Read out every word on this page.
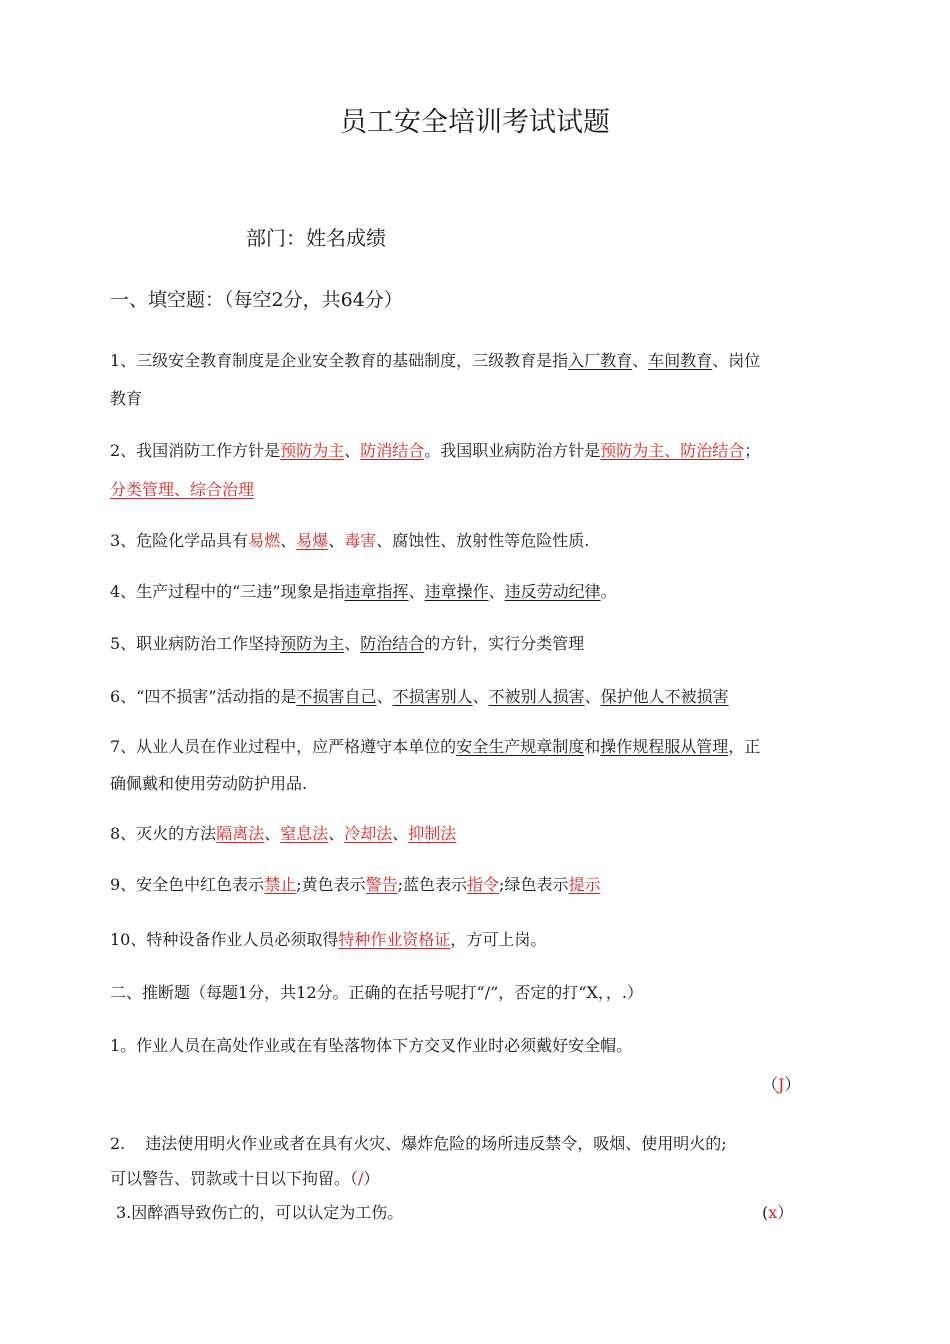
员工安全培训考试试题
部门：姓名成绩
一、填空题：（每空2分，共64分）
1、三级安全教育制度是企业安全教育的基础制度，三级教育是指入厂教育、车间教育、岗位
教育
2、我国消防工作方针是预防为主、防消结合。我国职业病防治方针是预防为主、防治结合；
分类管理、综合治理
3、危险化学品具有易燃、易爆、毒害、腐蚀性、放射性等危险性质.
4、生产过程中的“三违”现象是指违章指挥、违章操作、违反劳动纪律。
5、职业病防治工作坚持预防为主、防治结合的方针，实行分类管理
6、“四不损害”活动指的是不损害自己、不损害别人、不被别人损害、保护他人不被损害
7、从业人员在作业过程中，应严格遵守本单位的安全生产规章制度和操作规程服从管理，正
确佩戴和使用劳动防护用品.
8、灭火的方法隔离法、窒息法、冷却法、抑制法
9、安全色中红色表示禁止;黄色表示警告;蓝色表示指令;绿色表示提示
10、特种设备作业人员必须取得特种作业资格证，方可上岗。
二、推断题（每题1分，共12分。正确的在括号呢打“/”，否定的打“X，，.）
1。作业人员在高处作业或在有坠落物体下方交叉作业时必须戴好安全帽。
（J）
2. 违法使用明火作业或者在具有火灾、爆炸危险的场所违反禁令，吸烟、使用明火的;
可以警告、罚款或十日以下拘留。（/）
3.因醉酒导致伤亡的，可以认定为工伤。	(x）
